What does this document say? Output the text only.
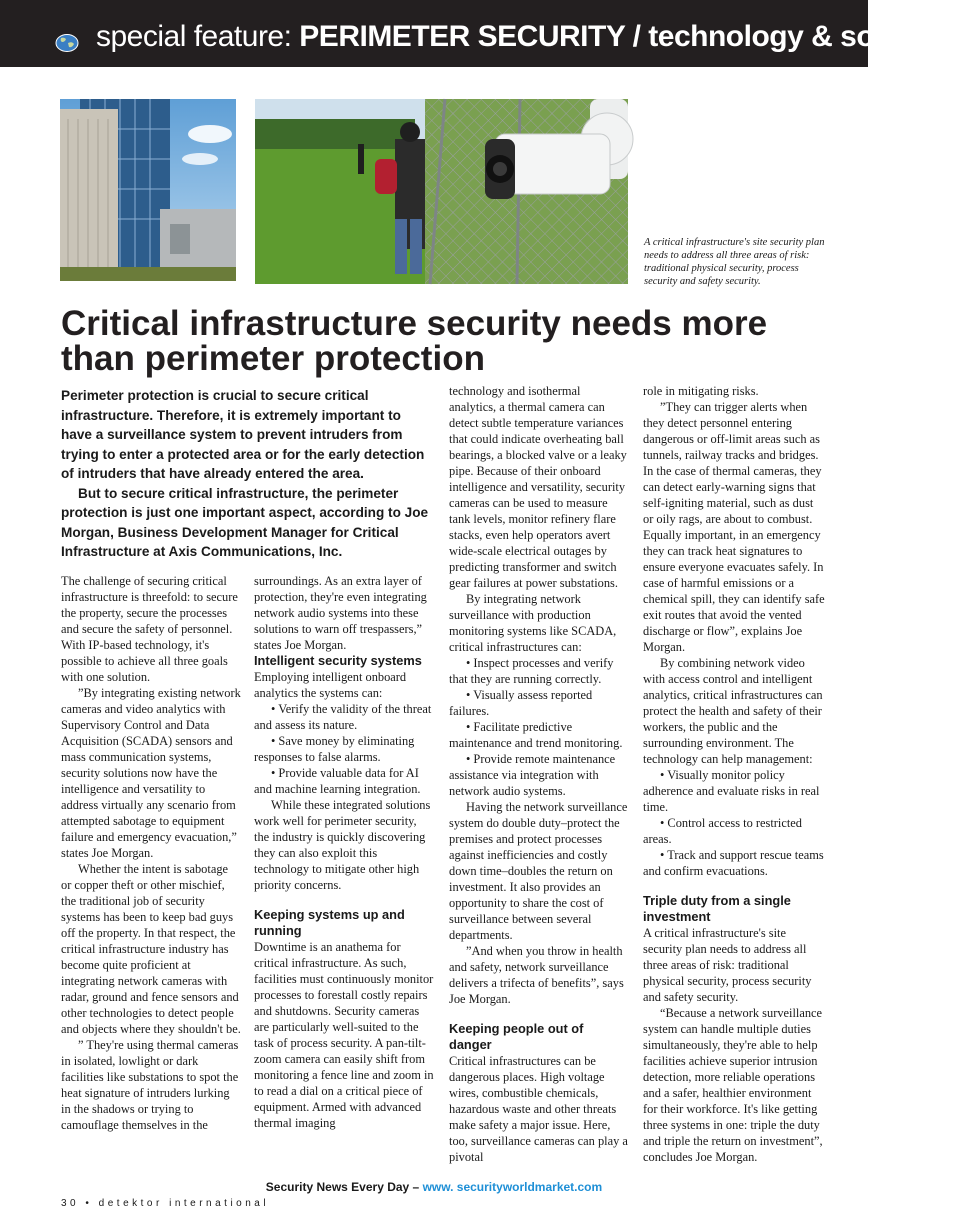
special feature: PERIMETER SECURITY / technology & solutions
A critical infrastructure's site security plan needs to address all three areas of risk: traditional physical security, process security and safety security.
Critical infrastructure security needs more than perimeter protection

Perimeter protection is crucial to secure critical infrastructure. Therefore, it is extremely important to have a surveillance system to prevent intruders from trying to enter a protected area or for the early detection of intruders that have already entered the area.

But to secure critical infrastructure, the perimeter protection is just one important aspect, according to Joe Morgan, Business Development Manager for Critical Infrastructure at Axis Communications, Inc.

The challenge of securing critical infrastructure is threefold: to secure the property, secure the processes and secure the safety of personnel. With IP-based technology, it's possible to achieve all three goals with one solution.

”By integrating existing network cameras and video analytics with Supervisory Control and Data Acquisition (SCADA) sensors and mass communication systems, security solutions now have the intelligence and versatility to address virtually any scenario from attempted sabotage to equipment failure and emergency evacuation,” states Joe Morgan.

Whether the intent is sabotage or copper theft or other mischief, the traditional job of security systems has been to keep bad guys off the property. In that respect, the critical infrastructure industry has become quite proficient at integrating network cameras with radar, ground and fence sensors and other technologies to detect people and objects where they shouldn't be.

” They're using thermal cameras in isolated, lowlight or dark facilities like substations to spot the heat signature of intruders lurking in the shadows or trying to camouflage themselves in the

surroundings. As an extra layer of protection, they're even integrating network audio systems into these solutions to warn off trespassers,” states Joe Morgan.

Intelligent security systems

Employing intelligent onboard analytics the systems can:

• Verify the validity of the threat and assess its nature.

• Save money by eliminating responses to false alarms.

• Provide valuable data for AI and machine learning integration.

While these integrated solutions work well for perimeter security, the industry is quickly discovering they can also exploit this technology to mitigate other high priority concerns.

Keeping systems up and running

Downtime is an anathema for critical infrastructure. As such, facilities must continuously monitor processes to forestall costly repairs and shutdowns. Security cameras are particularly well-suited to the task of process security. A pan-tilt-zoom camera can easily shift from monitoring a fence line and zoom in to read a dial on a critical piece of equipment. Armed with advanced thermal imaging

technology and isothermal analytics, a thermal camera can detect subtle temperature variances that could indicate overheating ball bearings, a blocked valve or a leaky pipe. Because of their onboard intelligence and versatility, security cameras can be used to measure tank levels, monitor refinery flare stacks, even help operators avert wide-scale electrical outages by predicting transformer and switch gear failures at power substations.

By integrating network surveillance with production monitoring systems like SCADA, critical infrastructures can:

• Inspect processes and verify that they are running correctly.

• Visually assess reported failures.

• Facilitate predictive maintenance and trend monitoring.

• Provide remote maintenance assistance via integration with network audio systems.

Having the network surveillance system do double duty–protect the premises and protect processes against inefficiencies and costly down time–doubles the return on investment. It also provides an opportunity to share the cost of surveillance between several departments.

”And when you throw in health and safety, network surveillance delivers a trifecta of benefits”, says Joe Morgan.

Keeping people out of danger

Critical infrastructures can be dangerous places. High voltage wires, combustible chemicals, hazardous waste and other threats make safety a major issue. Here, too, surveillance cameras can play a pivotal

role in mitigating risks.

”They can trigger alerts when they detect personnel entering dangerous or off-limit areas such as tunnels, railway tracks and bridges. In the case of thermal cameras, they can detect early-warning signs that self-igniting material, such as dust or oily rags, are about to combust. Equally important, in an emergency they can track heat signatures to ensure everyone evacuates safely. In case of harmful emissions or a chemical spill, they can identify safe exit routes that avoid the vented discharge or flow”, explains Joe Morgan.

By combining network video with access control and intelligent analytics, critical infrastructures can protect the health and safety of their workers, the public and the surrounding environment. The technology can help management:

• Visually monitor policy adherence and evaluate risks in real time.

• Control access to restricted areas.

• Track and support rescue teams and confirm evacuations.

Triple duty from a single investment

A critical infrastructure's site security plan needs to address all three areas of risk: traditional physical security, process security and safety security.

“Because a network surveillance system can handle multiple duties simultaneously, they're able to help facilities achieve superior intrusion detection, more reliable operations and a safer, healthier environment for their workforce. It's like getting three systems in one: triple the duty and triple the return on investment”, concludes Joe Morgan.

Security News Every Day – www. securityworldmarket.com
30 • detektor international
